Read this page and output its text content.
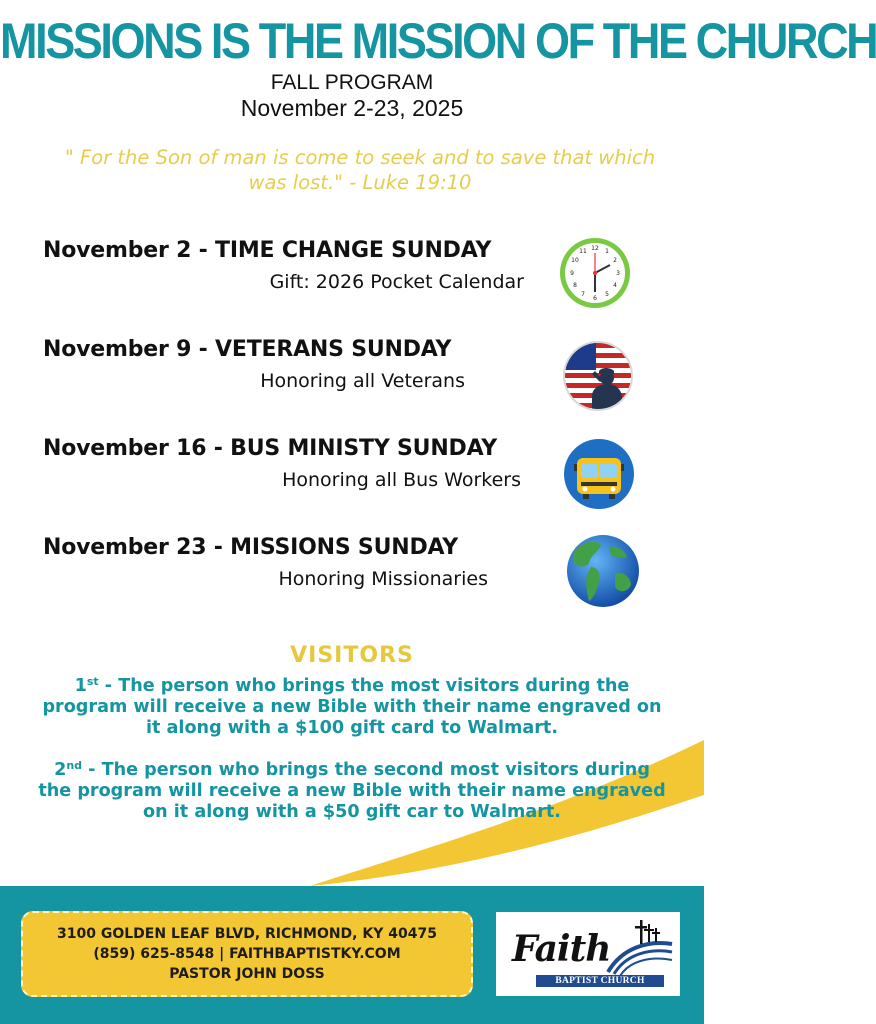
MISSIONS IS THE MISSION OF THE CHURCH
FALL PROGRAM
November 2-23, 2025
" For the Son of man is come to seek and to save that which
was lost." - Luke 19:10
November 2 - TIME CHANGE SUNDAY
Gift: 2026 Pocket Calendar
November 9 - VETERANS SUNDAY
Honoring all Veterans
November 16 - BUS MINISTY SUNDAY
Honoring all Bus Workers
November 23 - MISSIONS SUNDAY
Honoring Missionaries
12 1
2
3
4
5
6
7
8
9
10
11
VISITORS
1st - The person who brings the most visitors during the
program will receive a new Bible with their name engraved on
it along with a $100 gift card to Walmart.
2nd - The person who brings the second most visitors during
the program will receive a new Bible with their name engraved
on it along with a $50 gift car to Walmart.
3100 GOLDEN LEAF BLVD, RICHMOND, KY 40475
(859) 625-8548 | FAITHBAPTISTKY.COM
PASTOR JOHN DOSS
Faith
BAPTIST CHURCH
